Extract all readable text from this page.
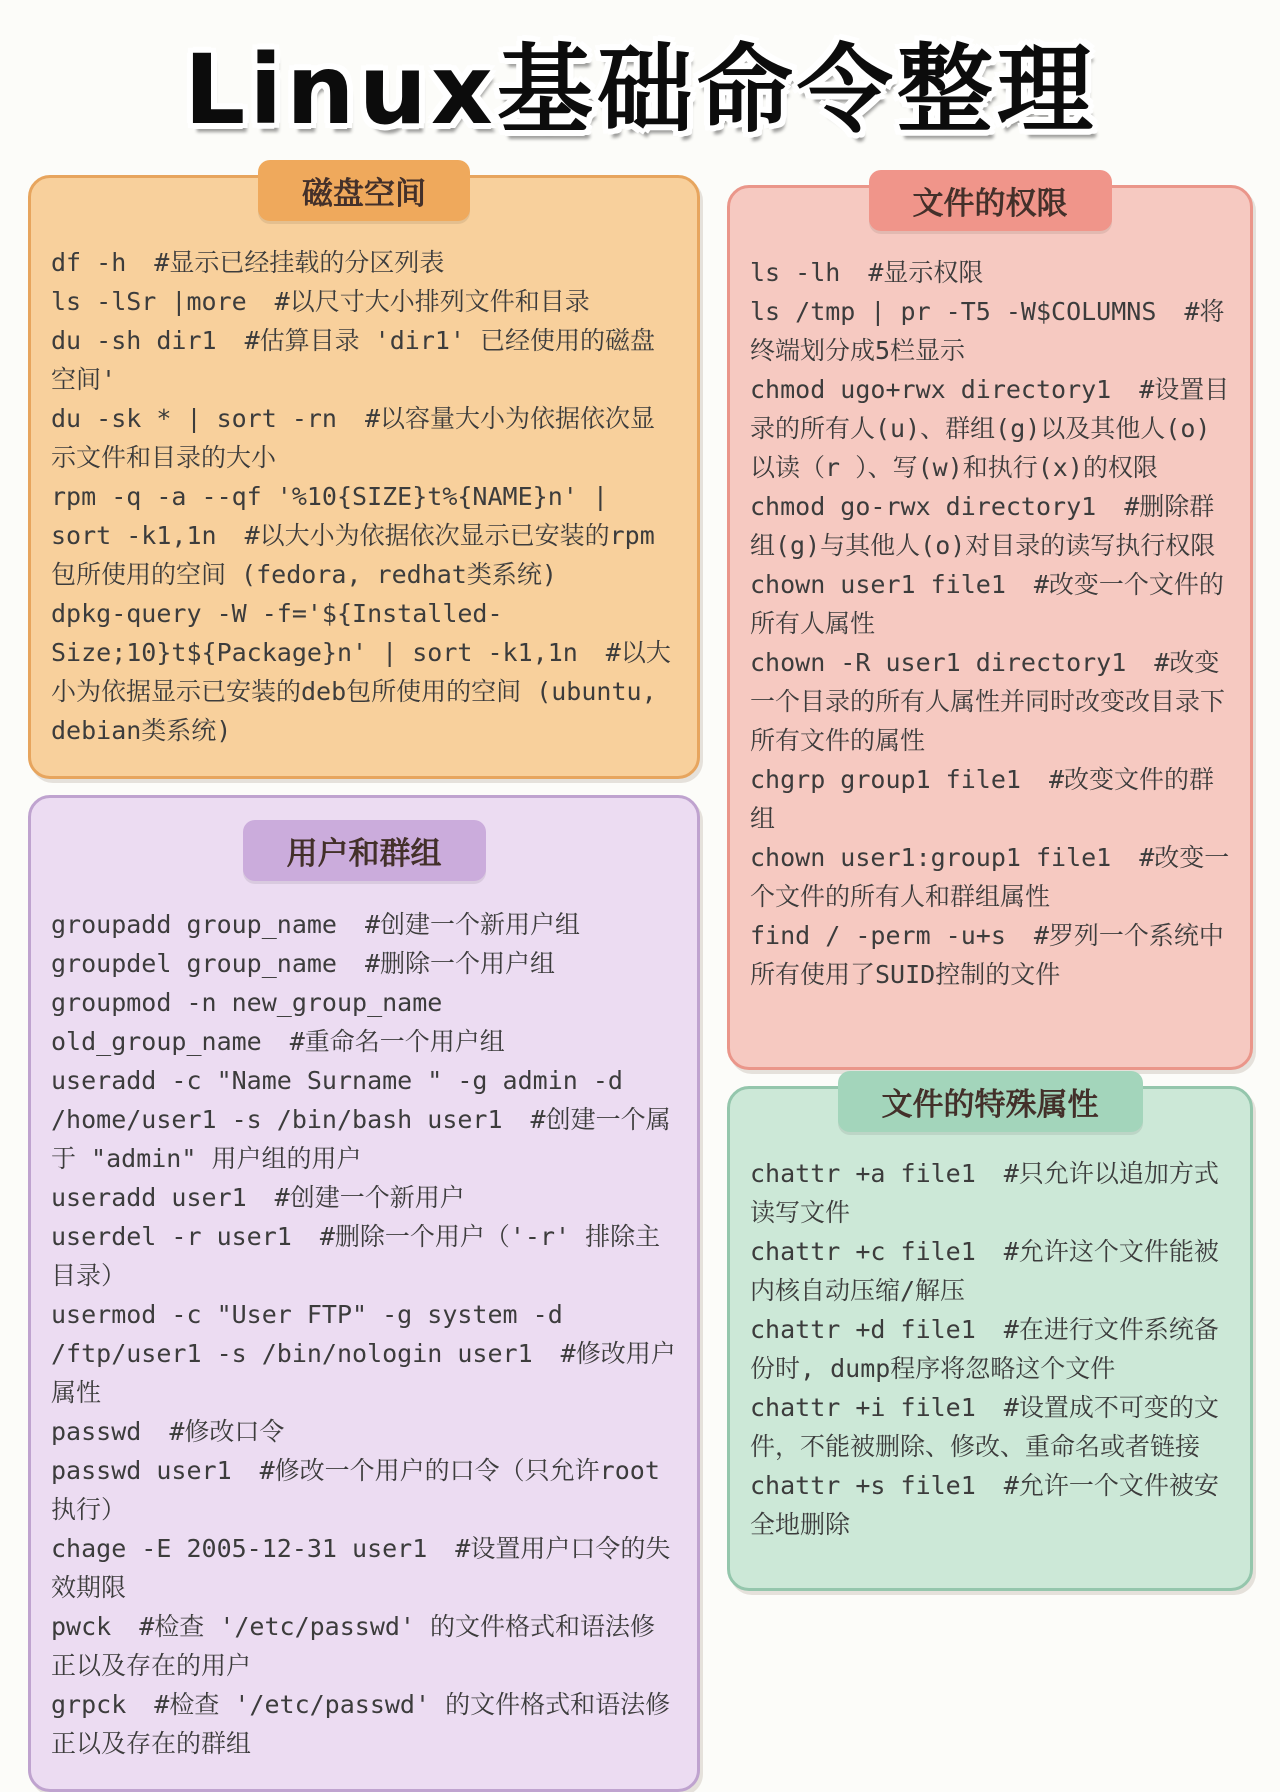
Linux基础命令整理
磁盘空间

df -h #显示已经挂载的分区列表

ls -lSr |more #以尺寸大小排列文件和目录

du -sh dir1 #估算目录 'dir1' 已经使用的磁盘空间'

du -sk * | sort -rn #以容量大小为依据依次显示文件和目录的大小

rpm -q -a --qf '%10{SIZE}t%{NAME}n' | sort -k1,1n #以大小为依据依次显示已安装的rpm包所使用的空间 (fedora, redhat类系统)

dpkg-query -W -f='${Installed-Size;10}t${Package}n' | sort -k1,1n #以大小为依据显示已安装的deb包所使用的空间 (ubuntu, debian类系统)

用户和群组

groupadd group_name #创建一个新用户组

groupdel group_name #删除一个用户组

groupmod -n new_group_name old_group_name #重命名一个用户组

useradd -c "Name Surname " -g admin -d /home/user1 -s /bin/bash user1 #创建一个属于 "admin" 用户组的用户

useradd user1 #创建一个新用户

userdel -r user1 #删除一个用户（'-r' 排除主目录）

usermod -c "User FTP" -g system -d /ftp/user1 -s /bin/nologin user1 #修改用户属性

passwd #修改口令

passwd user1 #修改一个用户的口令（只允许root执行）

chage -E 2005-12-31 user1 #设置用户口令的失效期限

pwck #检查 '/etc/passwd' 的文件格式和语法修正以及存在的用户

grpck #检查 '/etc/passwd' 的文件格式和语法修正以及存在的群组

文件的权限

ls -lh #显示权限

ls /tmp | pr -T5 -W$COLUMNS #将终端划分成5栏显示

chmod ugo+rwx directory1 #设置目录的所有人(u)、群组(g)以及其他人(o)以读（r ）、写(w)和执行(x)的权限

chmod go-rwx directory1 #删除群组(g)与其他人(o)对目录的读写执行权限

chown user1 file1 #改变一个文件的所有人属性

chown -R user1 directory1 #改变一个目录的所有人属性并同时改变改目录下所有文件的属性

chgrp group1 file1 #改变文件的群组

chown user1:group1 file1 #改变一个文件的所有人和群组属性

find / -perm -u+s #罗列一个系统中所有使用了SUID控制的文件

文件的特殊属性

chattr +a file1 #只允许以追加方式读写文件

chattr +c file1 #允许这个文件能被内核自动压缩/解压

chattr +d file1 #在进行文件系统备份时, dump程序将忽略这个文件

chattr +i file1 #设置成不可变的文件，不能被删除、修改、重命名或者链接

chattr +s file1 #允许一个文件被安全地删除
